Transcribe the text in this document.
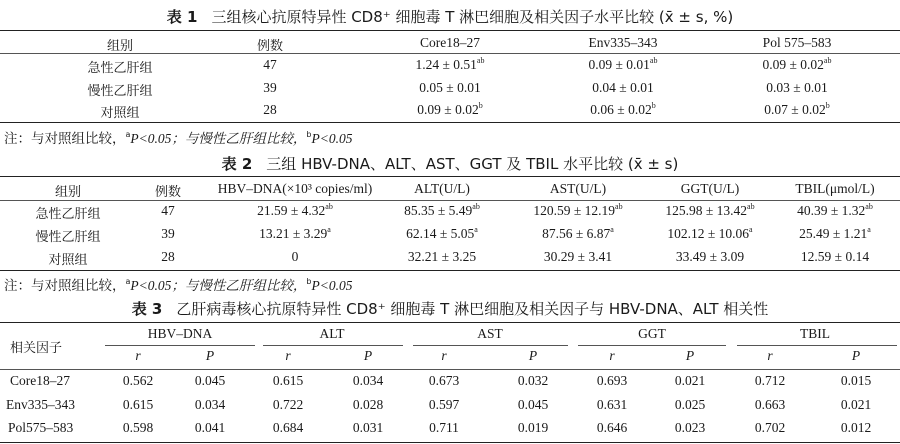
表 1 三组核心抗原特异性 CD8⁺ 细胞毒 T 淋巴细胞及相关因子水平比较 (x̄ ± s, %)
组别	例数	Core18–27	Env335–343	Pol 575–583
急性乙肝组	47	1.24 ± 0.51$^{ab}$	0.09 ± 0.01$^{ab}$	0.09 ± 0.02$^{ab}$
慢性乙肝组	39	0.05 ± 0.01	0.04 ± 0.01	0.03 ± 0.01
对照组	28	0.09 ± 0.02$^b$	0.06 ± 0.02$^b$	0.07 ± 0.02$^b$
注：与对照组比较，$^a$P<0.05；与慢性乙肝组比较，$^b$P<0.05
表 2 三组 HBV-DNA、ALT、AST、GGT 及 TBIL 水平比较 (x̄ ± s)
组别	例数	HBV–DNA(×10³ copies/ml)	ALT(U/L)	AST(U/L)	GGT(U/L)	TBIL(μmol/L)
急性乙肝组	47	21.59 ± 4.32$^{ab}$	85.35 ± 5.49$^{ab}$	120.59 ± 12.19$^{ab}$	125.98 ± 13.42$^{ab}$	40.39 ± 1.32$^{ab}$
慢性乙肝组	39	13.21 ± 3.29$^a$	62.14 ± 5.05$^a$	87.56 ± 6.87$^a$	102.12 ± 10.06$^a$	25.49 ± 1.21$^a$
对照组	28	0	32.21 ± 3.25	30.29 ± 3.41	33.49 ± 3.09	12.59 ± 0.14
注：与对照组比较，$^a$P<0.05；与慢性乙肝组比较，$^b$P<0.05
表 3 乙肝病毒核心抗原特异性 CD8⁺ 细胞毒 T 淋巴细胞及相关因子与 HBV-DNA、ALT 相关性
相关因子
HBV–DNA	ALT	AST	GGT	TBIL
r	P	r	P	r	P	r	P	r	P
Core18–27	0.562	0.045	0.615	0.034	0.673	0.032	0.693	0.021	0.712	0.015
Env335–343	0.615	0.034	0.722	0.028	0.597	0.045	0.631	0.025	0.663	0.021
Pol575–583	0.598	0.041	0.684	0.031	0.711	0.019	0.646	0.023	0.702	0.012
